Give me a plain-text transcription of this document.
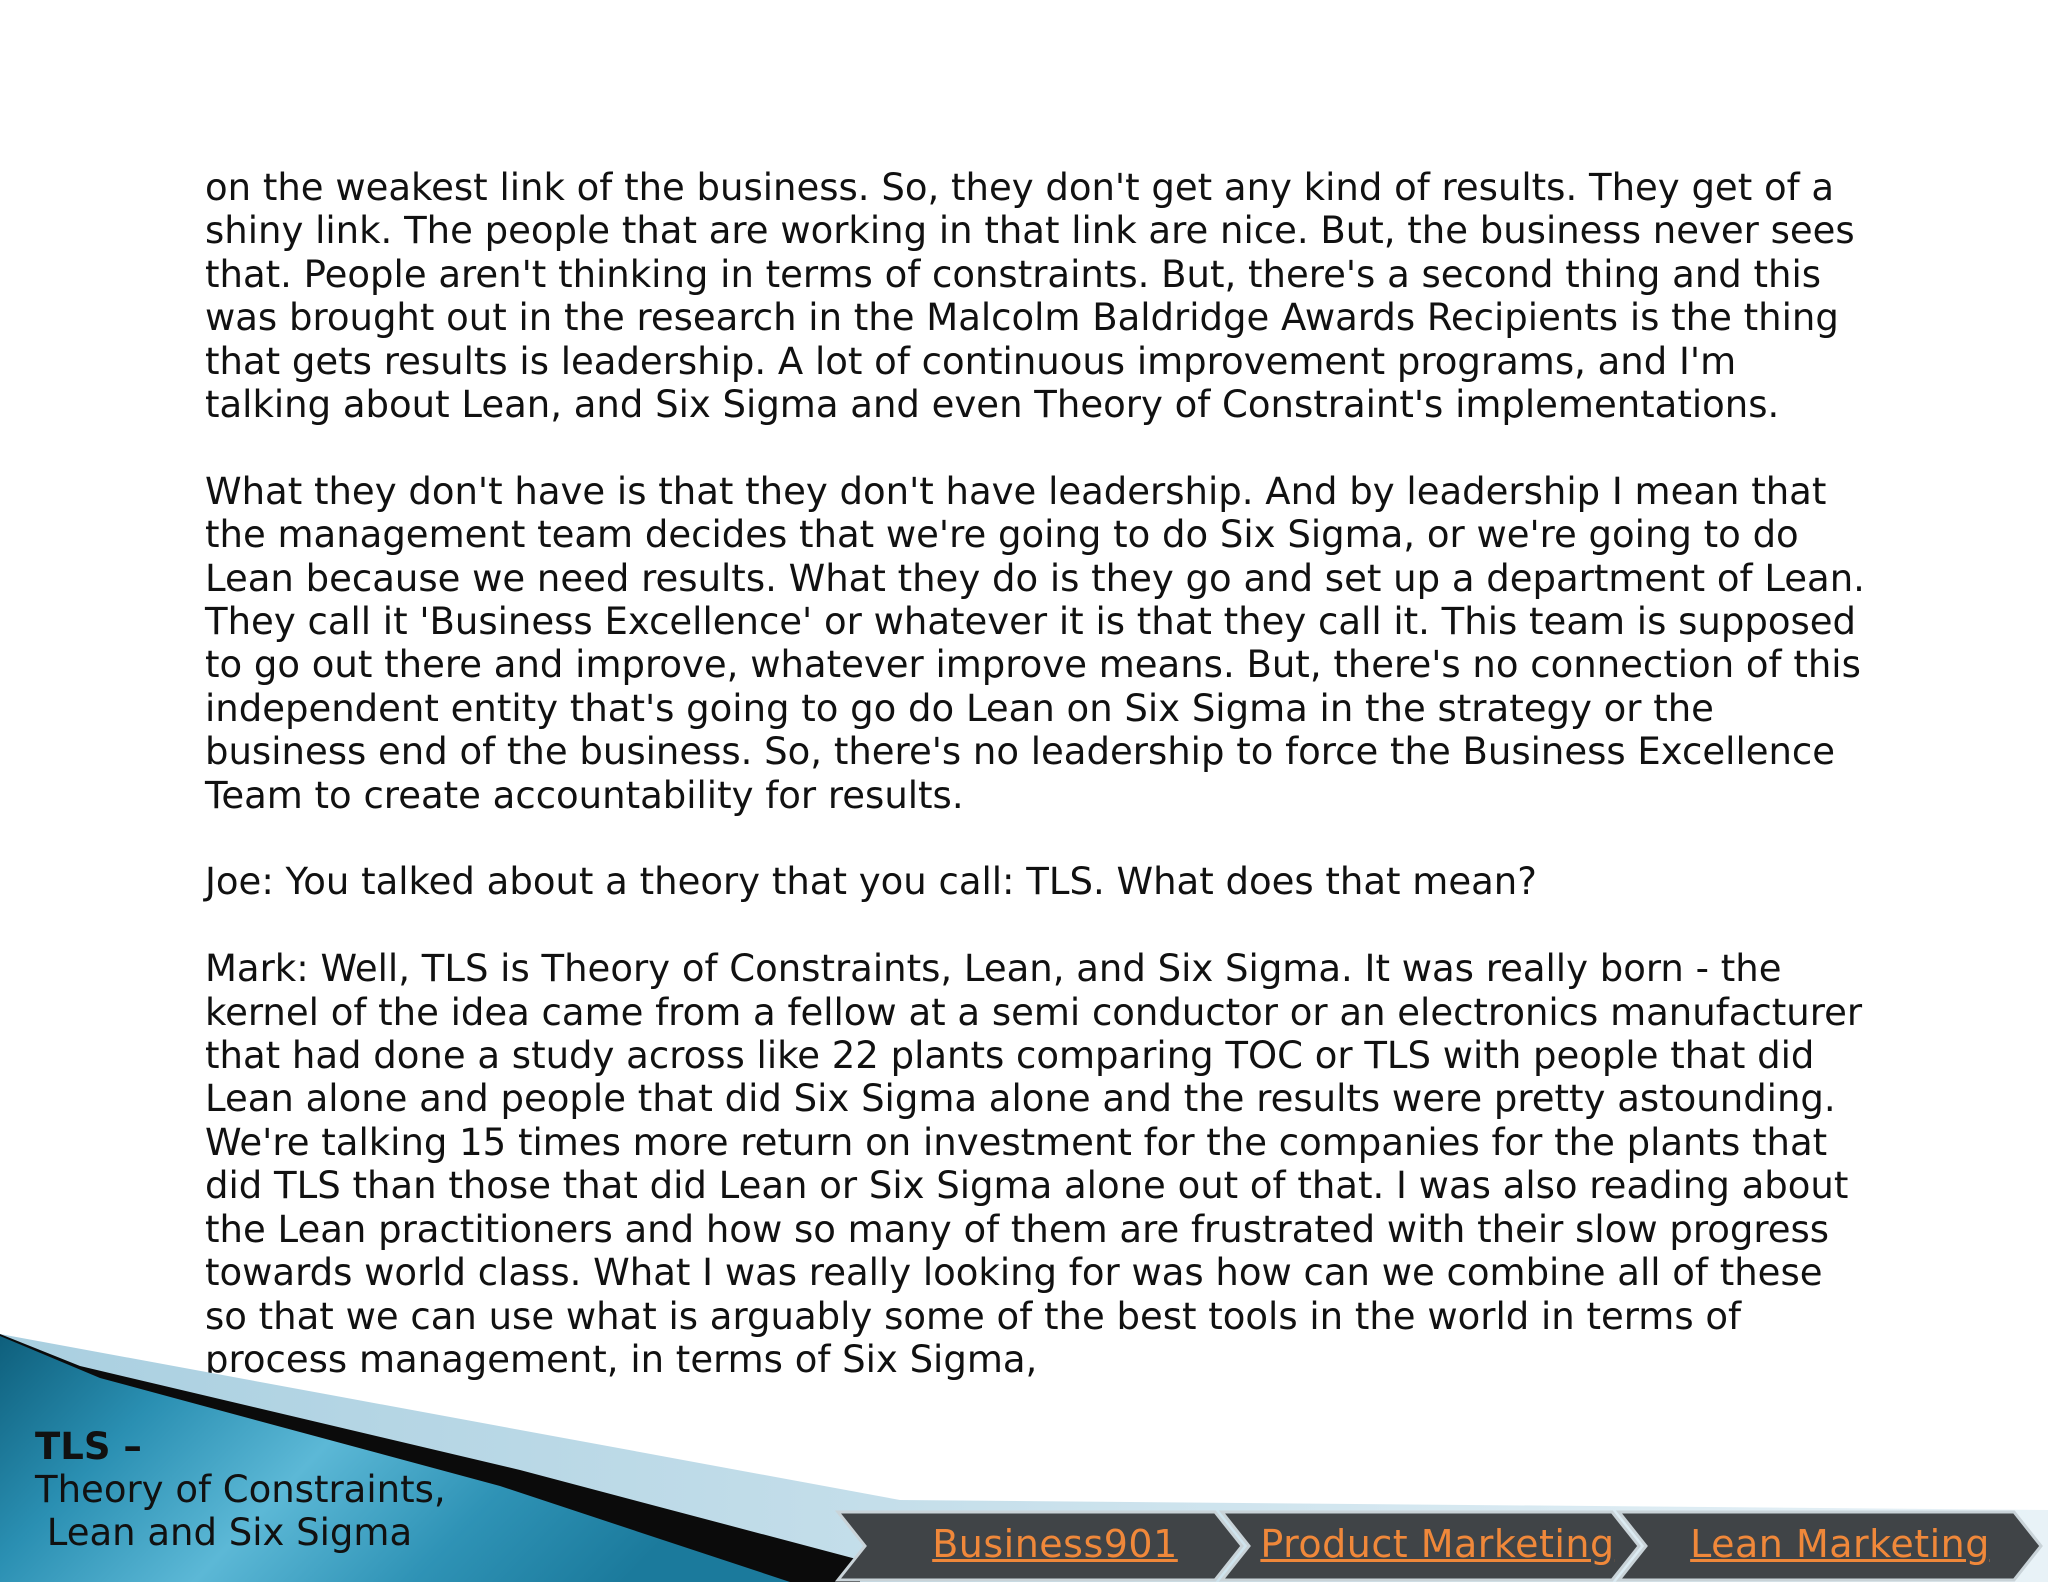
on the weakest link of the business. So, they don't get any kind of results. They get of a

shiny link. The people that are working in that link are nice. But, the business never sees

that. People aren't thinking in terms of constraints. But, there's a second thing and this

was brought out in the research in the Malcolm Baldridge Awards Recipients is the thing

that gets results is leadership. A lot of continuous improvement programs, and I'm

talking about Lean, and Six Sigma and even Theory of Constraint's implementations.

What they don't have is that they don't have leadership. And by leadership I mean that

the management team decides that we're going to do Six Sigma, or we're going to do

Lean because we need results. What they do is they go and set up a department of Lean.

They call it 'Business Excellence' or whatever it is that they call it. This team is supposed

to go out there and improve, whatever improve means. But, there's no connection of this

independent entity that's going to go do Lean on Six Sigma in the strategy or the

business end of the business. So, there's no leadership to force the Business Excellence

Team to create accountability for results.

Joe: You talked about a theory that you call: TLS. What does that mean?

Mark: Well, TLS is Theory of Constraints, Lean, and Six Sigma. It was really born - the

kernel of the idea came from a fellow at a semi conductor or an electronics manufacturer

that had done a study across like 22 plants comparing TOC or TLS with people that did

Lean alone and people that did Six Sigma alone and the results were pretty astounding.

We're talking 15 times more return on investment for the companies for the plants that

did TLS than those that did Lean or Six Sigma alone out of that. I was also reading about

the Lean practitioners and how so many of them are frustrated with their slow progress

towards world class. What I was really looking for was how can we combine all of these

so that we can use what is arguably some of the best tools in the world in terms of

process management, in terms of Six Sigma,

TLS –
Theory of Constraints,
Lean and Six Sigma	Business901	Product Marketing	Lean Marketing
